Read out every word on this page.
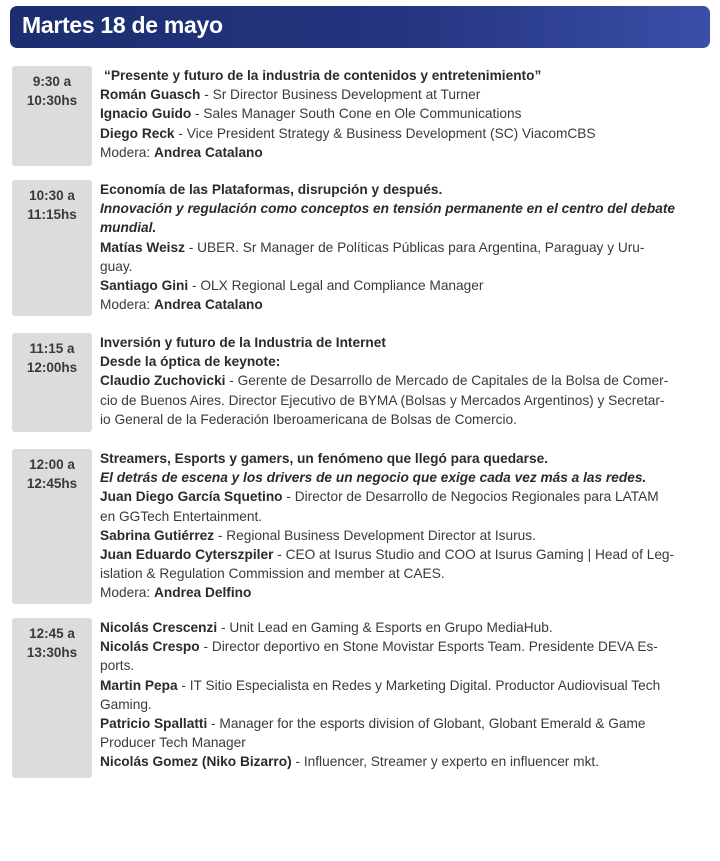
Martes 18 de mayo
9:30 a
10:30hs
“Presente y futuro de la industria de contenidos y entretenimiento”
Román Guasch - Sr Director Business Development at Turner
Ignacio Guido - Sales Manager South Cone en Ole Communications
Diego Reck - Vice President Strategy & Business Development (SC) ViacomCBS
Modera: Andrea Catalano
10:30 a
11:15hs
Economía de las Plataformas, disrupción y después.
Innovación y regulación como conceptos en tensión permanente en el centro del debate
mundial.
Matías Weisz - UBER. Sr Manager de Políticas Públicas para Argentina, Paraguay y Uru-
guay.
Santiago Gini - OLX Regional Legal and Compliance Manager
Modera: Andrea Catalano
11:15 a
12:00hs
Inversión y futuro de la Industria de Internet
Desde la óptica de keynote:
Claudio Zuchovicki - Gerente de Desarrollo de Mercado de Capitales de la Bolsa de Comer-
cio de Buenos Aires. Director Ejecutivo de BYMA (Bolsas y Mercados Argentinos) y Secretar-
io General de la Federación Iberoamericana de Bolsas de Comercio.
12:00 a
12:45hs
Streamers, Esports y gamers, un fenómeno que llegó para quedarse.
El detrás de escena y los drivers de un negocio que exige cada vez más a las redes.
Juan Diego García Squetino - Director de Desarrollo de Negocios Regionales para LATAM
en GGTech Entertainment.
Sabrina Gutiérrez - Regional Business Development Director at Isurus.
Juan Eduardo Cyterszpiler - CEO at Isurus Studio and COO at Isurus Gaming | Head of Leg-
islation & Regulation Commission and member at CAES.
Modera: Andrea Delfino
12:45 a
13:30hs
Nicolás Crescenzi - Unit Lead en Gaming & Esports en Grupo MediaHub.
Nicolás Crespo - Director deportivo en Stone Movistar Esports Team. Presidente DEVA Es-
ports.
Martin Pepa - IT Sitio Especialista en Redes y Marketing Digital. Productor Audiovisual Tech
Gaming.
Patricio Spallatti - Manager for the esports division of Globant, Globant Emerald & Game
Producer Tech Manager
Nicolás Gomez (Niko Bizarro) - Influencer, Streamer y experto en influencer mkt.
